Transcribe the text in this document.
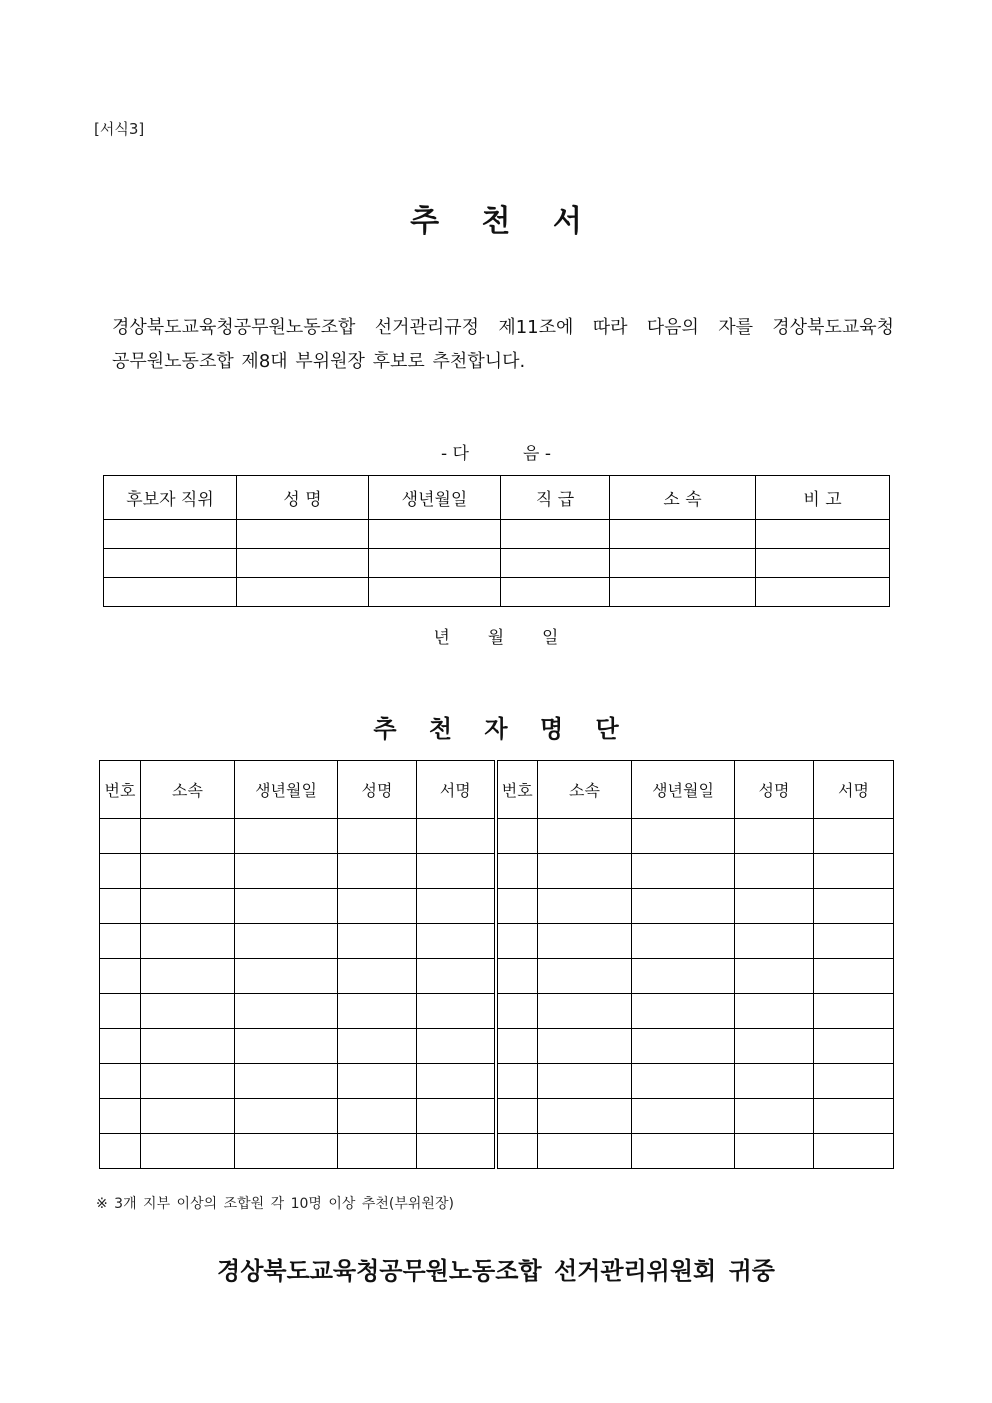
[서식3]
추 천 서
경상북도교육청공무원노동조합 선거관리규정 제11조에 따라 다음의 자를 경상북도교육청
공무원노동조합 제8대 부위원장 후보로 추천합니다.
- 다          음 -
후보자 직위	성 명	생년월일	직 급	소 속	비 고

년       월       일
추 천 자 명 단
번호	소속	생년월일	성명	서명	번호	소속	생년월일	성명	서명

※ 3개 지부 이상의 조합원 각 10명 이상 추천(부위원장)
경상북도교육청공무원노동조합 선거관리위원회 귀중
